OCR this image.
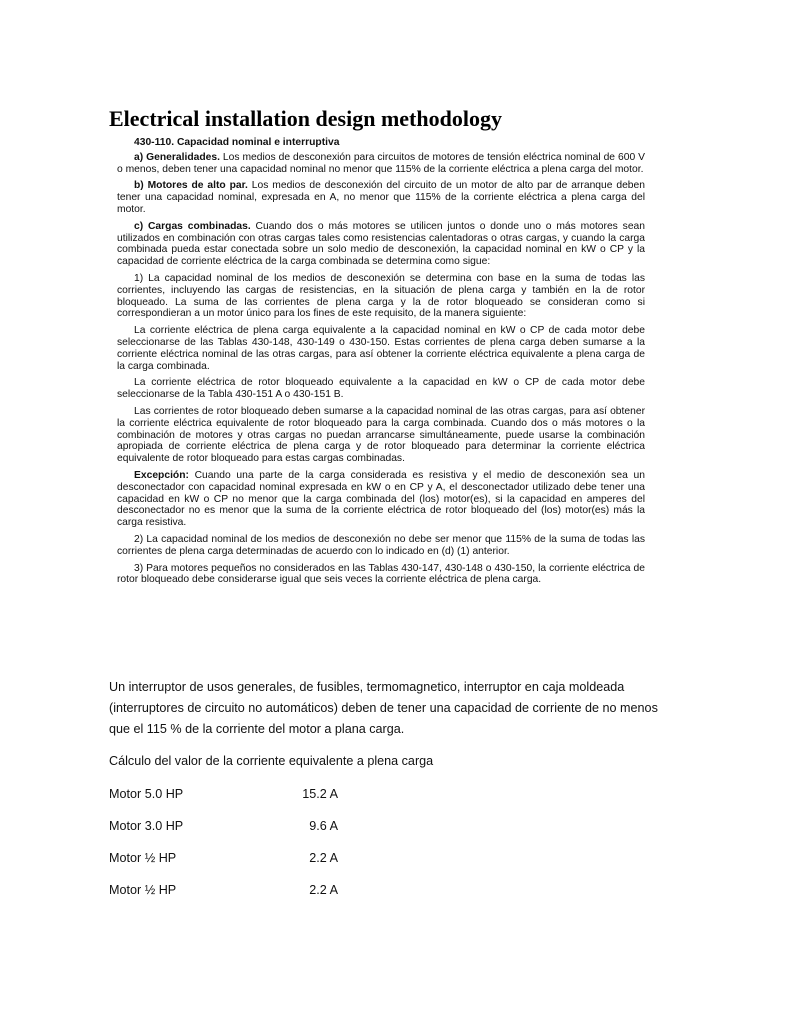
Electrical installation design methodology
430-110. Capacidad nominal e interruptiva

a) Generalidades. Los medios de desconexión para circuitos de motores de tensión eléctrica nominal de 600 V o menos, deben tener una capacidad nominal no menor que 115% de la corriente eléctrica a plena carga del motor.

b) Motores de alto par. Los medios de desconexión del circuito de un motor de alto par de arranque deben tener una capacidad nominal, expresada en A, no menor que 115% de la corriente eléctrica a plena carga del motor.

c) Cargas combinadas. Cuando dos o más motores se utilicen juntos o donde uno o más motores sean utilizados en combinación con otras cargas tales como resistencias calentadoras o otras cargas, y cuando la carga combinada pueda estar conectada sobre un solo medio de desconexión, la capacidad nominal en kW o CP y la capacidad de corriente eléctrica de la carga combinada se determina como sigue:

1) La capacidad nominal de los medios de desconexión se determina con base en la suma de todas las corrientes, incluyendo las cargas de resistencias, en la situación de plena carga y también en la de rotor bloqueado. La suma de las corrientes de plena carga y la de rotor bloqueado se consideran como si correspondieran a un motor único para los fines de este requisito, de la manera siguiente:

La corriente eléctrica de plena carga equivalente a la capacidad nominal en kW o CP de cada motor debe seleccionarse de las Tablas 430-148, 430-149 o 430-150. Estas corrientes de plena carga deben sumarse a la corriente eléctrica nominal de las otras cargas, para así obtener la corriente eléctrica equivalente a plena carga de la carga combinada.

La corriente eléctrica de rotor bloqueado equivalente a la capacidad en kW o CP de cada motor debe seleccionarse de la Tabla 430-151 A o 430-151 B.

Las corrientes de rotor bloqueado deben sumarse a la capacidad nominal de las otras cargas, para así obtener la corriente eléctrica equivalente de rotor bloqueado para la carga combinada. Cuando dos o más motores o la combinación de motores y otras cargas no puedan arrancarse simultáneamente, puede usarse la combinación apropiada de corriente eléctrica de plena carga y de rotor bloqueado para determinar la corriente eléctrica equivalente de rotor bloqueado para estas cargas combinadas.

Excepción: Cuando una parte de la carga considerada es resistiva y el medio de desconexión sea un desconectador con capacidad nominal expresada en kW o en CP y A, el desconectador utilizado debe tener una capacidad en kW o CP no menor que la carga combinada del (los) motor(es), si la capacidad en amperes del desconectador no es menor que la suma de la corriente eléctrica de rotor bloqueado del (los) motor(es) más la carga resistiva.

2) La capacidad nominal de los medios de desconexión no debe ser menor que 115% de la suma de todas las corrientes de plena carga determinadas de acuerdo con lo indicado en (d) (1) anterior.

3) Para motores pequeños no considerados en las Tablas 430-147, 430-148 o 430-150, la corriente eléctrica de rotor bloqueado debe considerarse igual que seis veces la corriente eléctrica de plena carga.

Un interruptor de usos generales, de fusibles, termomagnetico, interruptor en caja moldeada (interruptores de circuito no automáticos) deben de tener una capacidad de corriente de no menos que el 115 % de la corriente del motor a plana carga.
Cálculo del valor de la corriente equivalente a plena carga
Motor 5.0 HP	15.2 A
Motor 3.0 HP	9.6 A
Motor ½ HP	2.2 A
Motor ½ HP	2.2 A
